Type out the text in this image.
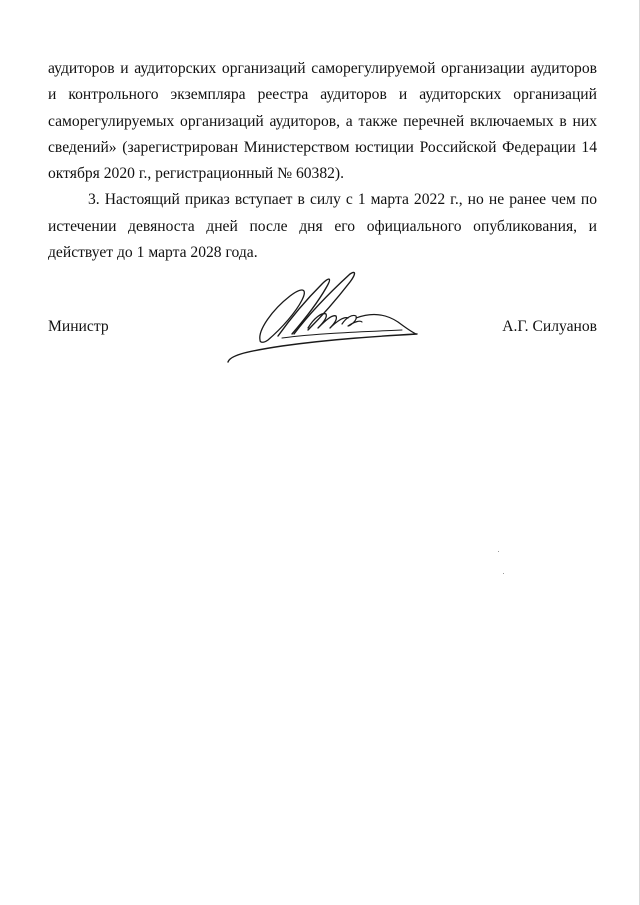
аудиторов и аудиторских организаций саморегулируемой организации аудиторов и контрольного экземпляра реестра аудиторов и аудиторских организаций саморегулируемых организаций аудиторов, а также перечней включаемых в них сведений» (зарегистрирован Министерством юстиции Российской Федерации 14 октября 2020 г., регистрационный № 60382).

3. Настоящий приказ вступает в силу с 1 марта 2022 г., но не ранее чем по истечении девяноста дней после дня его официального опубликования, и действует до 1 марта 2028 года.

Министр	А.Г. Силуанов
